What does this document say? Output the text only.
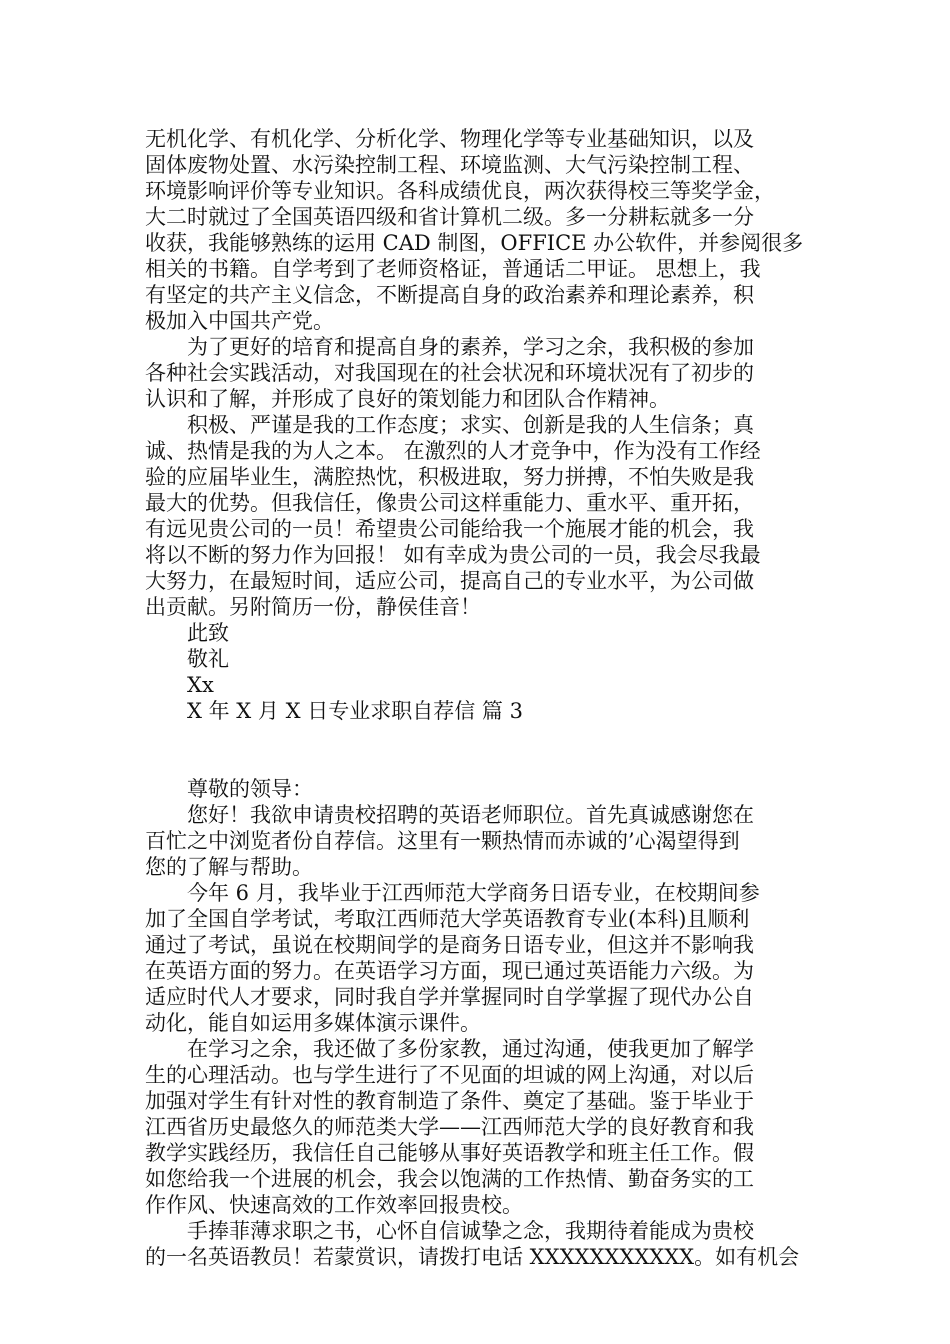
无机化学、有机化学、分析化学、物理化学等专业基础知识，以及
固体废物处置、水污染控制工程、环境监测、大气污染控制工程、
环境影响评价等专业知识。各科成绩优良，两次获得校三等奖学金，
大二时就过了全国英语四级和省计算机二级。多一分耕耘就多一分
收获，我能够熟练的运用 CAD 制图，OFFICE 办公软件，并参阅很多
相关的书籍。自学考到了老师资格证，普通话二甲证。 思想上，我
有坚定的共产主义信念，不断提高自身的政治素养和理论素养，积
极加入中国共产党。
　　为了更好的培育和提高自身的素养，学习之余，我积极的参加
各种社会实践活动，对我国现在的社会状况和环境状况有了初步的
认识和了解，并形成了良好的策划能力和团队合作精神。
　　积极、严谨是我的工作态度；求实、创新是我的人生信条；真
诚、热情是我的为人之本。 在激烈的人才竞争中，作为没有工作经
验的应届毕业生，满腔热忱，积极进取，努力拼搏，不怕失败是我
最大的优势。但我信任，像贵公司这样重能力、重水平、重开拓，
有远见贵公司的一员！希望贵公司能给我一个施展才能的机会，我
将以不断的努力作为回报！ 如有幸成为贵公司的一员，我会尽我最
大努力，在最短时间，适应公司，提高自己的专业水平，为公司做
出贡献。另附简历一份，静侯佳音！
　　此致
　　敬礼
　　Xx
　　X 年 X 月 X 日专业求职自荐信 篇 3
　　尊敬的领导：
　　您好！我欲申请贵校招聘的英语老师职位。首先真诚感谢您在
百忙之中浏览者份自荐信。这里有一颗热情而赤诚的’心渴望得到
您的了解与帮助。
　　今年 6 月，我毕业于江西师范大学商务日语专业，在校期间参
加了全国自学考试，考取江西师范大学英语教育专业(本科)且顺利
通过了考试，虽说在校期间学的是商务日语专业，但这并不影响我
在英语方面的努力。在英语学习方面，现已通过英语能力六级。为
适应时代人才要求，同时我自学并掌握同时自学掌握了现代办公自
动化，能自如运用多媒体演示课件。
　　在学习之余，我还做了多份家教，通过沟通，使我更加了解学
生的心理活动。也与学生进行了不见面的坦诚的网上沟通，对以后
加强对学生有针对性的教育制造了条件、奠定了基础。鉴于毕业于
江西省历史最悠久的师范类大学——江西师范大学的良好教育和我
教学实践经历，我信任自己能够从事好英语教学和班主任工作。假
如您给我一个进展的机会，我会以饱满的工作热情、勤奋务实的工
作作风、快速高效的工作效率回报贵校。
　　手捧菲薄求职之书，心怀自信诚挚之念，我期待着能成为贵校
的一名英语教员！若蒙赏识，请拨打电话 XXXXXXXXXXX。如有机会
